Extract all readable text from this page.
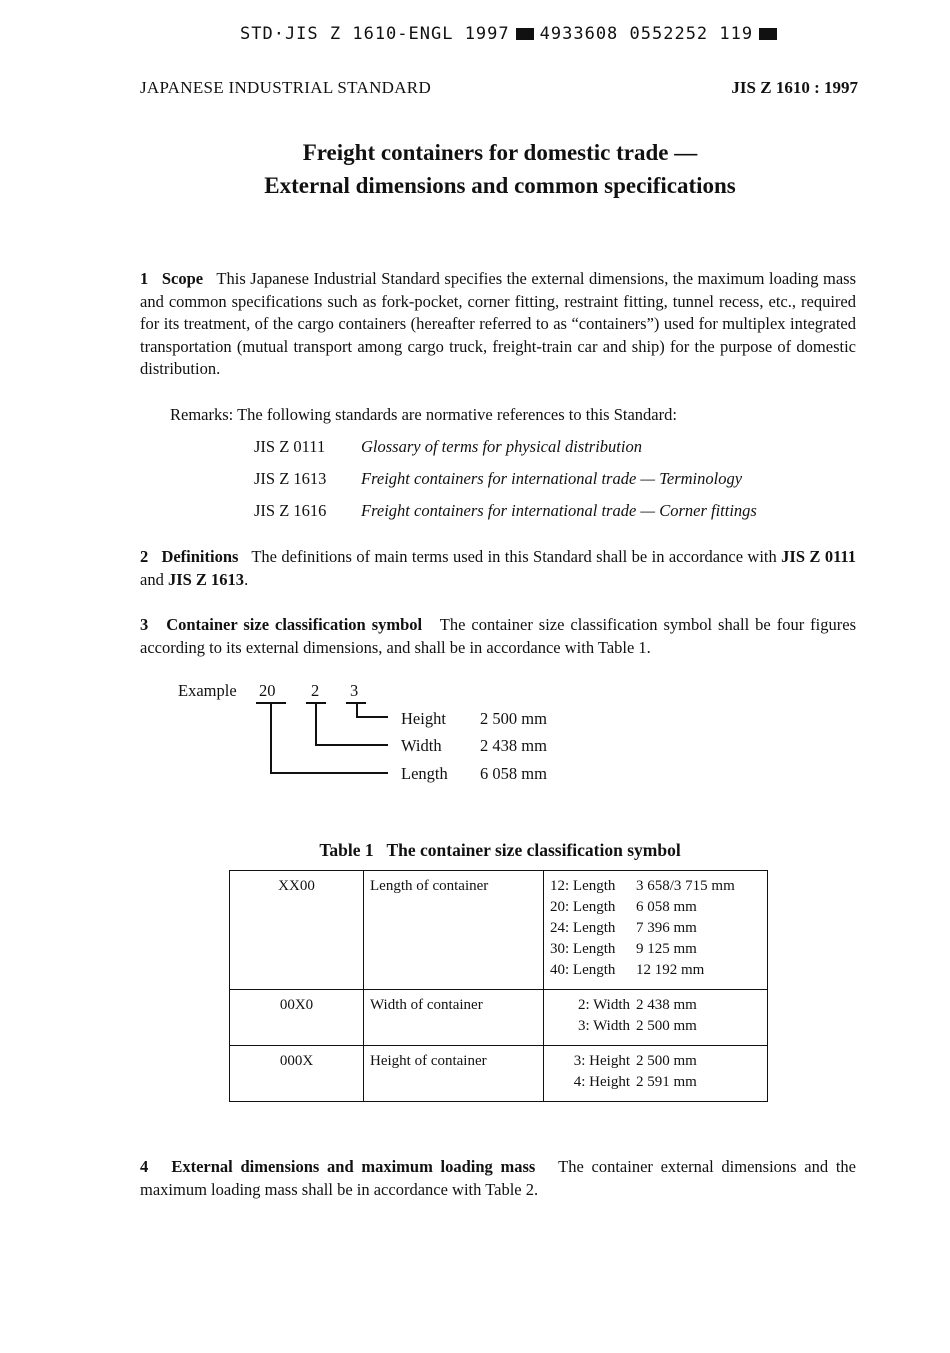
STD·JIS Z 1610-ENGL 1997 4933608 0552252 119
JAPANESE INDUSTRIAL STANDARD	JIS Z 1610 : 1997
Freight containers for domestic trade —
External dimensions and common specifications
1 Scope This Japanese Industrial Standard specifies the external dimensions, the maximum loading mass and common specifications such as fork-pocket, corner fitting, restraint fitting, tunnel recess, etc., required for its treatment, of the cargo containers (hereafter referred to as “containers”) used for multiplex integrated transportation (mutual transport among cargo truck, freight-train car and ship) for the purpose of domestic distribution.
Remarks: The following standards are normative references to this Standard:
JIS Z 0111 Glossary of terms for physical distribution
JIS Z 1613 Freight containers for international trade — Terminology
JIS Z 1616 Freight containers for international trade — Corner fittings
2 Definitions The definitions of main terms used in this Standard shall be in accordance with JIS Z 0111 and JIS Z 1613.
3 Container size classification symbol The container size classification symbol shall be four figures according to its external dimensions, and shall be in accordance with Table 1.
Example 20 2 3
Height 2 500 mm
Width 2 438 mm
Length 6 058 mm
Table 1 The container size classification symbol
XX00	Length of container	12: Length 3 658/3 715 mm
20: Length 6 058 mm
24: Length 7 396 mm
30: Length 9 125 mm
40: Length 12 192 mm

00X0	Width of container	2: Width 2 438 mm
3: Width 2 500 mm

000X	Height of container	3: Height 2 500 mm
4: Height 2 591 mm
4 External dimensions and maximum loading mass The container external dimensions and the maximum loading mass shall be in accordance with Table 2.
